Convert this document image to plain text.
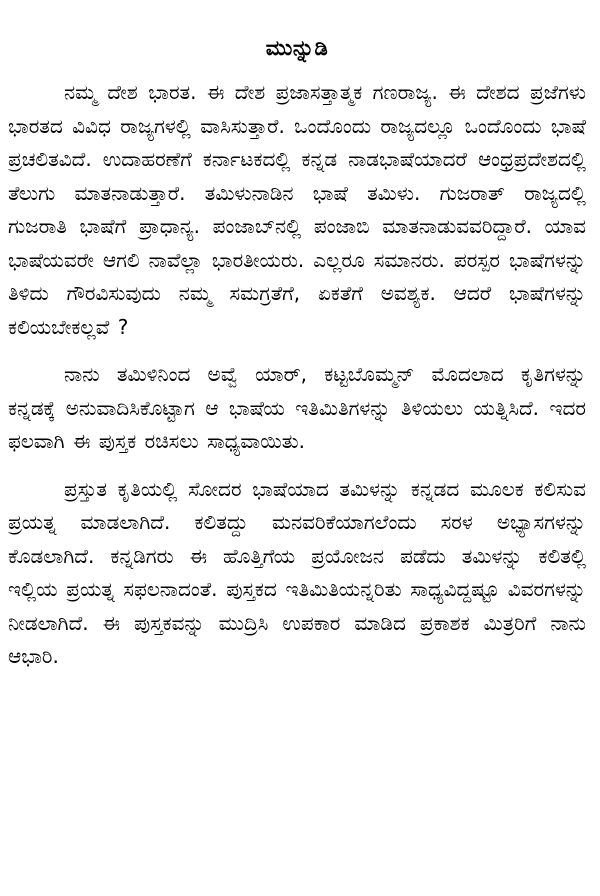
ಮುನ್ನುಡಿ

ನಮ್ಮ ದೇಶ ಭಾರತ. ಈ ದೇಶ ಪ್ರಜಾಸತ್ತಾತ್ಮಕ ಗಣರಾಜ್ಯ. ಈ ದೇಶದ ಪ್ರಜೆಗಳು ಭಾರತದ ವಿವಿಧ ರಾಜ್ಯಗಳಲ್ಲಿ ವಾಸಿಸುತ್ತಾರೆ. ಒಂದೊಂದು ರಾಜ್ಯದಲ್ಲೂ ಒಂದೊಂದು ಭಾಷೆ ಪ್ರಚಲಿತವಿದೆ. ಉದಾಹರಣೆಗೆ ಕರ್ನಾಟಕದಲ್ಲಿ ಕನ್ನಡ ನಾಡಭಾಷೆಯಾದರೆ ಆಂಧ್ರಪ್ರದೇಶದಲ್ಲಿ ತೆಲುಗು ಮಾತನಾಡುತ್ತಾರೆ. ತಮಿಳುನಾಡಿನ ಭಾಷೆ ತಮಿಳು. ಗುಜರಾತ್ ರಾಜ್ಯದಲ್ಲಿ ಗುಜರಾತಿ ಭಾಷೆಗೆ ಪ್ರಾಧಾನ್ಯ. ಪಂಜಾಬ್‌ನಲ್ಲಿ ಪಂಜಾಬಿ ಮಾತನಾಡುವವರಿದ್ದಾರೆ. ಯಾವ ಭಾಷೆಯವರೇ ಆಗಲಿ ನಾವೆಲ್ಲಾ ಭಾರತೀಯರು. ಎಲ್ಲರೂ ಸಮಾನರು. ಪರಸ್ಪರ ಭಾಷೆಗಳನ್ನು ತಿಳಿದು ಗೌರವಿಸುವುದು ನಮ್ಮ ಸಮಗ್ರತೆಗೆ, ಏಕತೆಗೆ ಅವಶ್ಯಕ. ಆದರೆ ಭಾಷೆಗಳನ್ನು ಕಲಿಯಬೇಕಲ್ಲವೆ ?

ನಾನು ತಮಿಳಿನಿಂದ ಅವ್ವೆ ಯಾರ್, ಕಟ್ಟಬೊಮ್ಮನ್ ಮೊದಲಾದ ಕೃತಿಗಳನ್ನು ಕನ್ನಡಕ್ಕೆ ಅನುವಾದಿಸಿಕೊಟ್ಟಾಗ ಆ ಭಾಷೆಯ ಇತಿಮಿತಿಗಳನ್ನು ತಿಳಿಯಲು ಯತ್ನಿಸಿದೆ. ಇದರ ಫಲವಾಗಿ ಈ ಪುಸ್ತಕ ರಚಿಸಲು ಸಾಧ್ಯವಾಯಿತು.

ಪ್ರಸ್ತುತ ಕೃತಿಯಲ್ಲಿ ಸೋದರ ಭಾಷೆಯಾದ ತಮಿಳನ್ನು ಕನ್ನಡದ ಮೂಲಕ ಕಲಿಸುವ ಪ್ರಯತ್ನ ಮಾಡಲಾಗಿದೆ. ಕಲಿತದ್ದು ಮನವರಿಕೆಯಾಗಲೆಂದು ಸರಳ ಅಭ್ಯಾಸಗಳನ್ನು ಕೊಡಲಾಗಿದೆ. ಕನ್ನಡಿಗರು ಈ ಹೊತ್ತಿಗೆಯ ಪ್ರಯೋಜನ ಪಡೆದು ತಮಿಳನ್ನು ಕಲಿತಲ್ಲಿ ಇಲ್ಲಿಯ ಪ್ರಯತ್ನ ಸಫಲನಾದಂತೆ. ಪುಸ್ತಕದ ಇತಿಮಿತಿಯನ್ನರಿತು ಸಾಧ್ಯವಿದ್ದಷ್ಟೂ ವಿವರಗಳನ್ನು ನೀಡಲಾಗಿದೆ. ಈ ಪುಸ್ತಕವನ್ನು ಮುದ್ರಿಸಿ ಉಪಕಾರ ಮಾಡಿದ ಪ್ರಕಾಶಕ ಮಿತ್ರರಿಗೆ ನಾನು ಆಭಾರಿ.
